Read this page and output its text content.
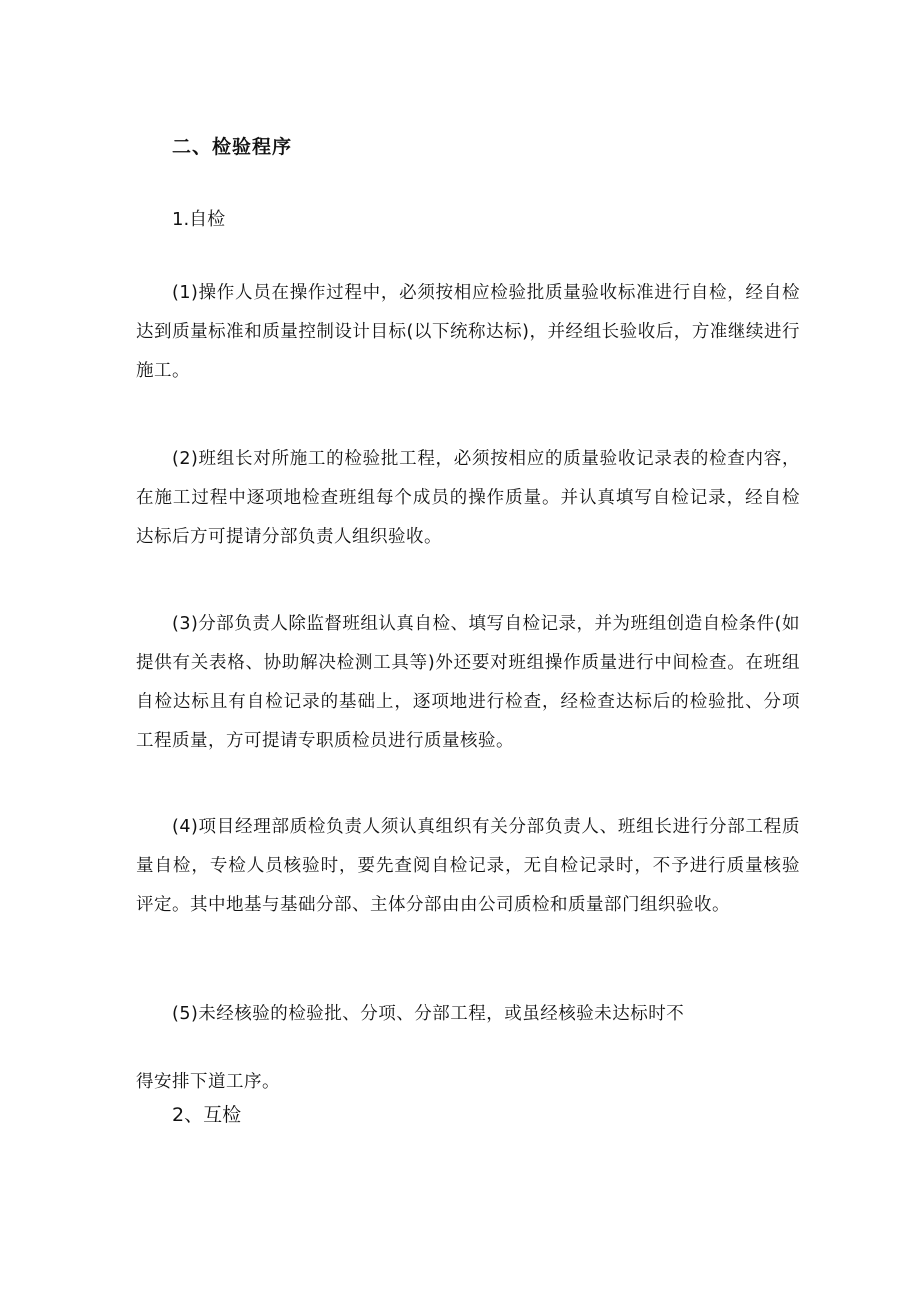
二、检验程序

1.自检

(1)操作人员在操作过程中，必须按相应检验批质量验收标准进行自检，经自检达到质量标准和质量控制设计目标(以下统称达标)，并经组长验收后，方准继续进行施工。

(2)班组长对所施工的检验批工程，必须按相应的质量验收记录表的检查内容，在施工过程中逐项地检查班组每个成员的操作质量。并认真填写自检记录，经自检达标后方可提请分部负责人组织验收。

(3)分部负责人除监督班组认真自检、填写自检记录，并为班组创造自检条件(如提供有关表格、协助解决检测工具等)外还要对班组操作质量进行中间检查。在班组自检达标且有自检记录的基础上，逐项地进行检查，经检查达标后的检验批、分项工程质量，方可提请专职质检员进行质量核验。

(4)项目经理部质检负责人须认真组织有关分部负责人、班组长进行分部工程质量自检，专检人员核验时，要先查阅自检记录，无自检记录时，不予进行质量核验评定。其中地基与基础分部、主体分部由由公司质检和质量部门组织验收。

(5)未经核验的检验批、分项、分部工程，或虽经核验未达标时不

得安排下道工序。

2、互检
